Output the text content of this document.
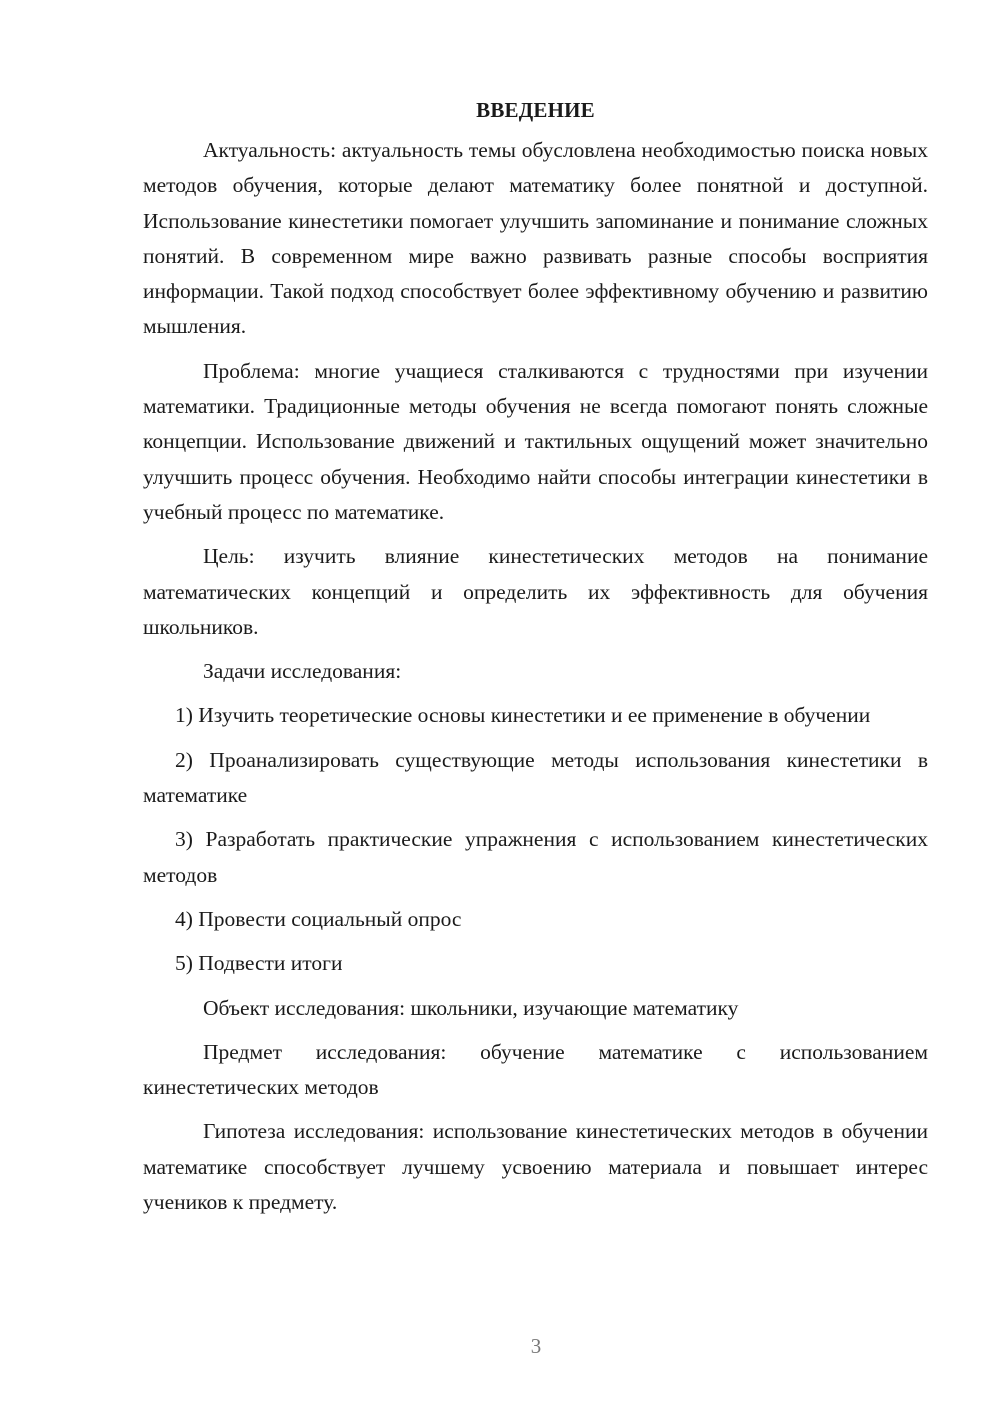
ВВЕДЕНИЕ

Актуальность: актуальность темы обусловлена необходимостью поиска новых методов обучения, которые делают математику более понятной и доступной. Использование кинестетики помогает улучшить запоминание и понимание сложных понятий. В современном мире важно развивать разные способы восприятия информации. Такой подход способствует более эффективному обучению и развитию мышления.

Проблема: многие учащиеся сталкиваются с трудностями при изучении математики. Традиционные методы обучения не всегда помогают понять сложные концепции. Использование движений и тактильных ощущений может значительно улучшить процесс обучения. Необходимо найти способы интеграции кинестетики в учебный процесс по математике.

Цель: изучить влияние кинестетических методов на понимание математических концепций и определить их эффективность для обучения школьников.

Задачи исследования:

1) Изучить теоретические основы кинестетики и ее применение в обучении

2) Проанализировать существующие методы использования кинестетики в математике

3) Разработать практические упражнения с использованием кинестетических методов

4) Провести социальный опрос

5) Подвести итоги

Объект исследования: школьники, изучающие математику

Предмет исследования: обучение математике с использованием кинестетических методов

Гипотеза исследования: использование кинестетических методов в обучении математике способствует лучшему усвоению материала и повышает интерес учеников к предмету.

3
